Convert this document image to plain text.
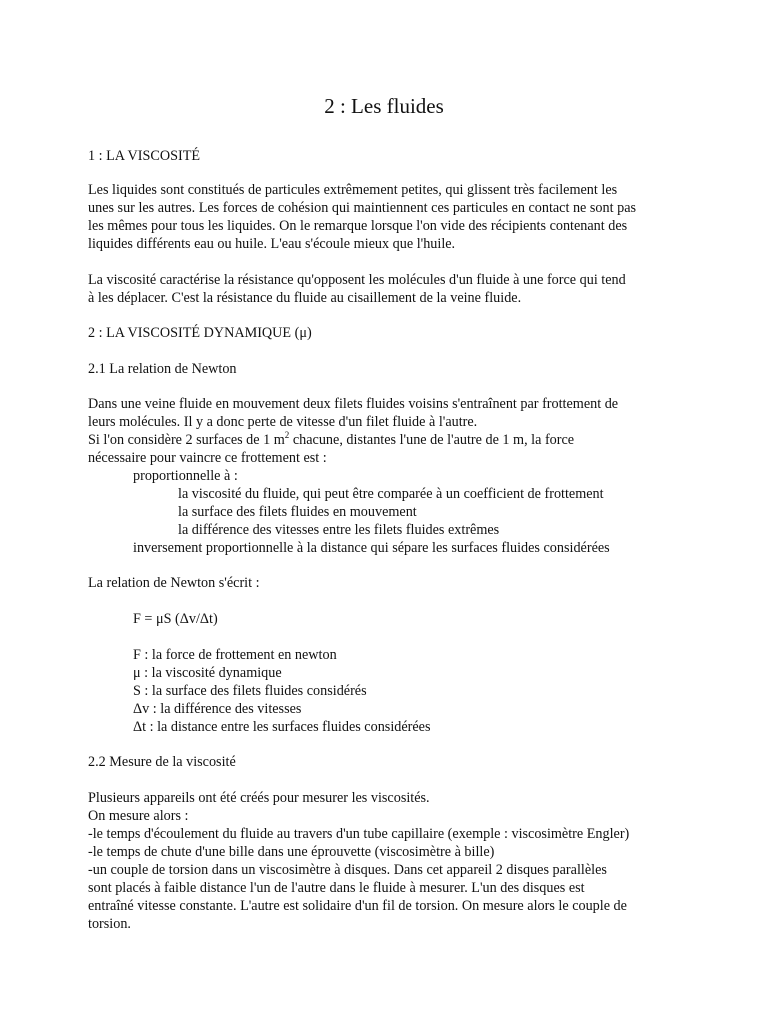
2 : Les fluides
1 : LA VISCOSITÉ
Les liquides sont constitués de particules extrêmement petites, qui glissent très facilement les
unes sur les autres. Les forces de cohésion qui maintiennent ces particules en contact ne sont pas
les mêmes pour tous les liquides. On le remarque lorsque l'on vide des récipients contenant des
liquides différents eau ou huile. L'eau s'écoule mieux que l'huile.
La viscosité caractérise la résistance qu'opposent les molécules d'un fluide à une force qui tend
à les déplacer. C'est la résistance du fluide au cisaillement de la veine fluide.
2 : LA VISCOSITÉ DYNAMIQUE (μ)
2.1 La relation de Newton
Dans une veine fluide en mouvement deux filets fluides voisins s'entraînent par frottement de
leurs molécules. Il y a donc perte de vitesse d'un filet fluide à l'autre.
Si l'on considère 2 surfaces de 1 $m^2$ chacune, distantes l'une de l'autre de 1 m, la force
nécessaire pour vaincre ce frottement est :
proportionnelle à :
la viscosité du fluide, qui peut être comparée à un coefficient de frottement
la surface des filets fluides en mouvement
la différence des vitesses entre les filets fluides extrêmes
inversement proportionnelle à la distance qui sépare les surfaces fluides considérées
La relation de Newton s'écrit :
F = μS (Δv/Δt)
F : la force de frottement en newton
μ : la viscosité dynamique
S : la surface des filets fluides considérés
Δv : la différence des vitesses
Δt : la distance entre les surfaces fluides considérées
2.2 Mesure de la viscosité
Plusieurs appareils ont été créés pour mesurer les viscosités.
On mesure alors :
-le temps d'écoulement du fluide au travers d'un tube capillaire (exemple : viscosimètre Engler)
-le temps de chute d'une bille dans une éprouvette (viscosimètre à bille)
-un couple de torsion dans un viscosimètre à disques. Dans cet appareil 2 disques parallèles
sont placés à faible distance l'un de l'autre dans le fluide à mesurer. L'un des disques est
entraîné vitesse constante. L'autre est solidaire d'un fil de torsion. On mesure alors le couple de
torsion.
